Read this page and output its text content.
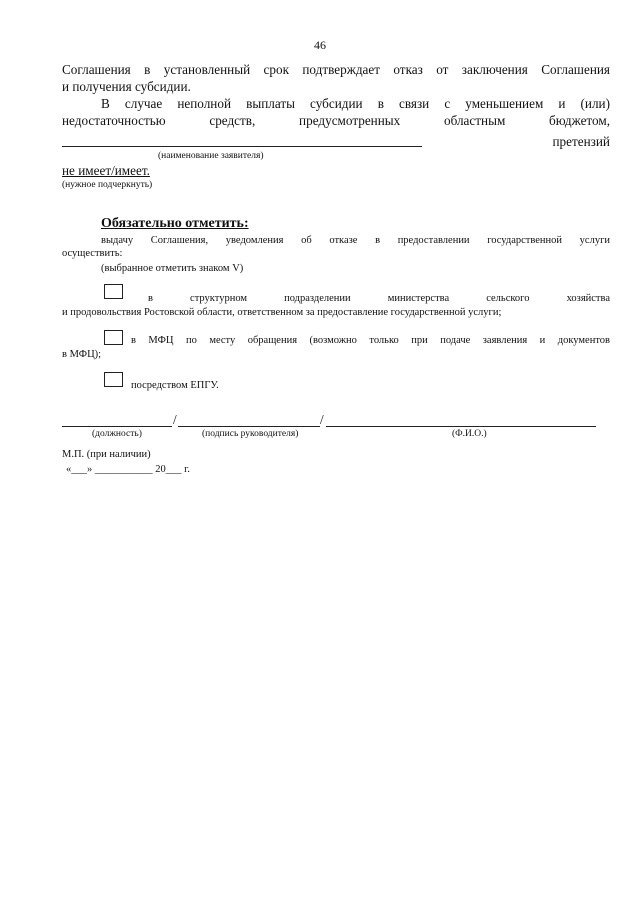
46
Соглашения в установленный срок подтверждает отказ от заключения Соглашения
и получения субсидии.
В случае неполной выплаты субсидии в связи с уменьшением и (или)
недостаточностью средств, предусмотренных областным бюджетом,
претензий
(наименование заявителя)
не имеет/имеет.
(нужное подчеркнуть)
Обязательно отметить:
выдачу Соглашения, уведомления об отказе в предоставлении государственной услуги
осуществить:
(выбранное отметить знаком V)
в структурном подразделении министерства сельского хозяйства
и продовольствия Ростовской области, ответственном за предоставление государственной услуги;
в МФЦ по месту обращения (возможно только при подаче заявления и документов
в МФЦ);
посредством ЕПГУ.
/	/
(должность)	(подпись руководителя)	(Ф.И.О.)
М.П. (при наличии)
«___» ___________ 20___ г.
